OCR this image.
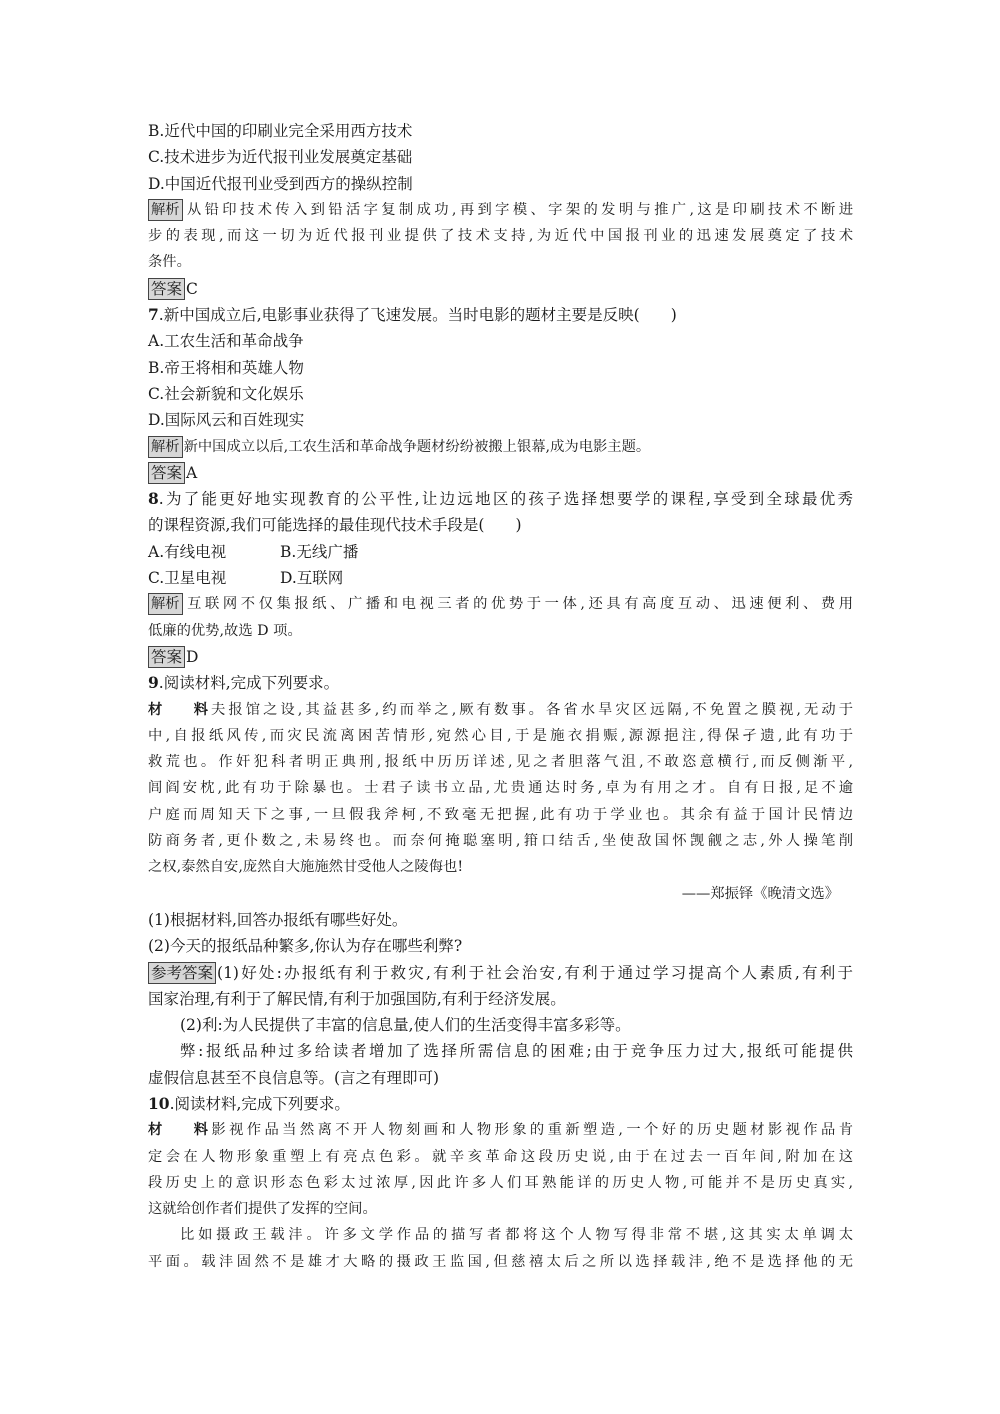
B.近代中国的印刷业完全采用西方技术
C.技术进步为近代报刊业发展奠定基础
D.中国近代报刊业受到西方的操纵控制
解析 从铅印技术传入到铅活字复制成功,再到字模、字架的发明与推广,这是印刷技术不断进
步的表现,而这一切为近代报刊业提供了技术支持,为近代中国报刊业的迅速发展奠定了技术
条件。
答案 C
7.新中国成立后,电影事业获得了飞速发展。当时电影的题材主要是反映(　　)
A.工农生活和革命战争
B.帝王将相和英雄人物
C.社会新貌和文化娱乐
D.国际风云和百姓现实
解析 新中国成立以后,工农生活和革命战争题材纷纷被搬上银幕,成为电影主题。
答案 A
8.为了能更好地实现教育的公平性,让边远地区的孩子选择想要学的课程,享受到全球最优秀
的课程资源,我们可能选择的最佳现代技术手段是(　　)
A.有线电视	B.无线广播
C.卫星电视	D.互联网
解析 互联网不仅集报纸、广播和电视三者的优势于一体,还具有高度互动、迅速便利、费用
低廉的优势,故选 D 项。
答案 D
9.阅读材料,完成下列要求。
材料夫报馆之设,其益甚多,约而举之,厥有数事。各省水旱灾区远隔,不免置之膜视,无动于
中,自报纸风传,而灾民流离困苦情形,宛然心目,于是施衣捐赈,源源挹注,得保孑遗,此有功于
救荒也。作奸犯科者明正典刑,报纸中历历详述,见之者胆落气沮,不敢恣意横行,而反侧渐平,
闾阎安枕,此有功于除暴也。士君子读书立品,尤贵通达时务,卓为有用之才。自有日报,足不逾
户庭而周知天下之事,一旦假我斧柯,不致毫无把握,此有功于学业也。其余有益于国计民情边
防商务者,更仆数之,未易终也。而奈何掩聪塞明,箝口结舌,坐使敌国怀觊觎之志,外人操笔削
之权,泰然自安,庞然自大施施然甘受他人之陵侮也!
——郑振铎《晚清文选》
(1)根据材料,回答办报纸有哪些好处。
(2)今天的报纸品种繁多,你认为存在哪些利弊?
参考答案 (1)好处:办报纸有利于救灾,有利于社会治安,有利于通过学习提高个人素质,有利于
国家治理,有利于了解民情,有利于加强国防,有利于经济发展。
(2)利:为人民提供了丰富的信息量,使人们的生活变得丰富多彩等。
弊:报纸品种过多给读者增加了选择所需信息的困难;由于竞争压力过大,报纸可能提供
虚假信息甚至不良信息等。(言之有理即可)
10.阅读材料,完成下列要求。
材料影视作品当然离不开人物刻画和人物形象的重新塑造,一个好的历史题材影视作品肯
定会在人物形象重塑上有亮点色彩。就辛亥革命这段历史说,由于在过去一百年间,附加在这
段历史上的意识形态色彩太过浓厚,因此许多人们耳熟能详的历史人物,可能并不是历史真实,
这就给创作者们提供了发挥的空间。
比如摄政王载沣。许多文学作品的描写者都将这个人物写得非常不堪,这其实太单调太
平面。载沣固然不是雄才大略的摄政王监国,但慈禧太后之所以选择载沣,绝不是选择他的无
